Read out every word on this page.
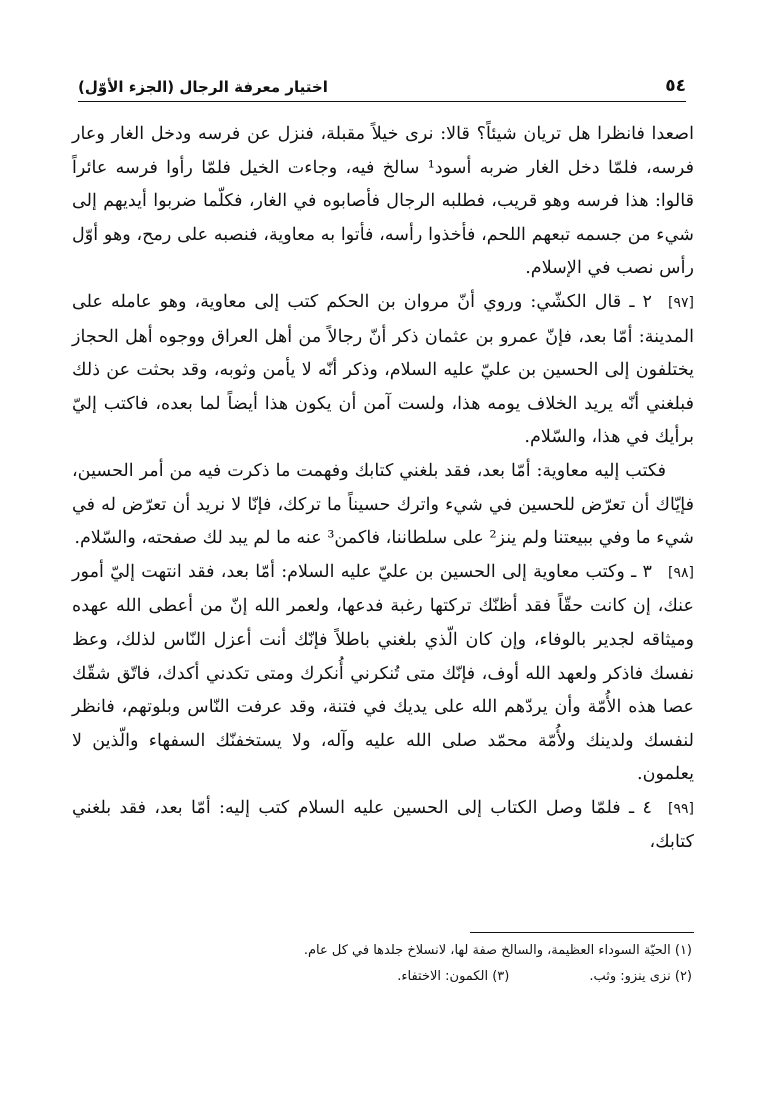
٥٤
اختيار معرفة الرجال (الجزء الأوّل)

اصعدا فانظرا هل تريان شيئاً؟ قالا: نرى خيلاً مقبلة، فنزل عن فرسه ودخل الغار وعار فرسه، فلمّا دخل الغار ضربه أسود¹ سالخ فيه، وجاءت الخيل فلمّا رأوا فرسه عائراً قالوا: هذا فرسه وهو قريب، فطلبه الرجال فأصابوه في الغار، فكلّما ضربوا أيديهم إلى شيء من جسمه تبعهم اللحم، فأخذوا رأسه، فأتوا به معاوية، فنصبه على رمح، وهو أوّل رأس نصب في الإسلام.

[٩٧]٢ ـ قال الكشّي: وروي أنّ مروان بن الحكم كتب إلى معاوية، وهو عامله على المدينة: أمّا بعد، فإنّ عمرو بن عثمان ذكر أنّ رجالاً من أهل العراق ووجوه أهل الحجاز يختلفون إلى الحسين بن عليّ عليه السلام، وذكر أنّه لا يأمن وثوبه، وقد بحثت عن ذلك فبلغني أنّه يريد الخلاف يومه هذا، ولست آمن أن يكون هذا أيضاً لما بعده، فاكتب إليّ برأيك في هذا، والسّلام.

فكتب إليه معاوية: أمّا بعد، فقد بلغني كتابك وفهمت ما ذكرت فيه من أمر الحسين، فإيّاك أن تعرّض للحسين في شيء واترك حسيناً ما تركك، فإنّا لا نريد أن تعرّض له في شيء ما وفي ببيعتنا ولم ينز² على سلطاننا، فاكمن³ عنه ما لم يبد لك صفحته، والسّلام.

[٩٨]٣ ـ وكتب معاوية إلى الحسين بن عليّ عليه السلام: أمّا بعد، فقد انتهت إليّ أمور عنك، إن كانت حقّاً فقد أظنّك تركتها رغبة فدعها، ولعمر الله إنّ من أعطى الله عهده وميثاقه لجدير بالوفاء، وإن كان الّذي بلغني باطلاً فإنّك أنت أعزل النّاس لذلك، وعظ نفسك فاذكر ولعهد الله أوف، فإنّك متى تُنكرني أُنكرك ومتى تكدني أكدك، فاتّق شقّك عصا هذه الأُمّة وأن يردّهم الله على يديك في فتنة، وقد عرفت النّاس وبلوتهم، فانظر لنفسك ولدينك ولأُمّة محمّد صلى الله عليه وآله، ولا يستخفنّك السفهاء والّذين لا يعلمون.

[٩٩]٤ ـ فلمّا وصل الكتاب إلى الحسين عليه السلام كتب إليه: أمّا بعد، فقد بلغني كتابك،

(١) الحيّة السوداء العظيمة، والسالخ صفة لها، لانسلاخ جلدها في كل عام.
(٢) نزى ينزو: وثب.
(٣) الكمون: الاختفاء.
